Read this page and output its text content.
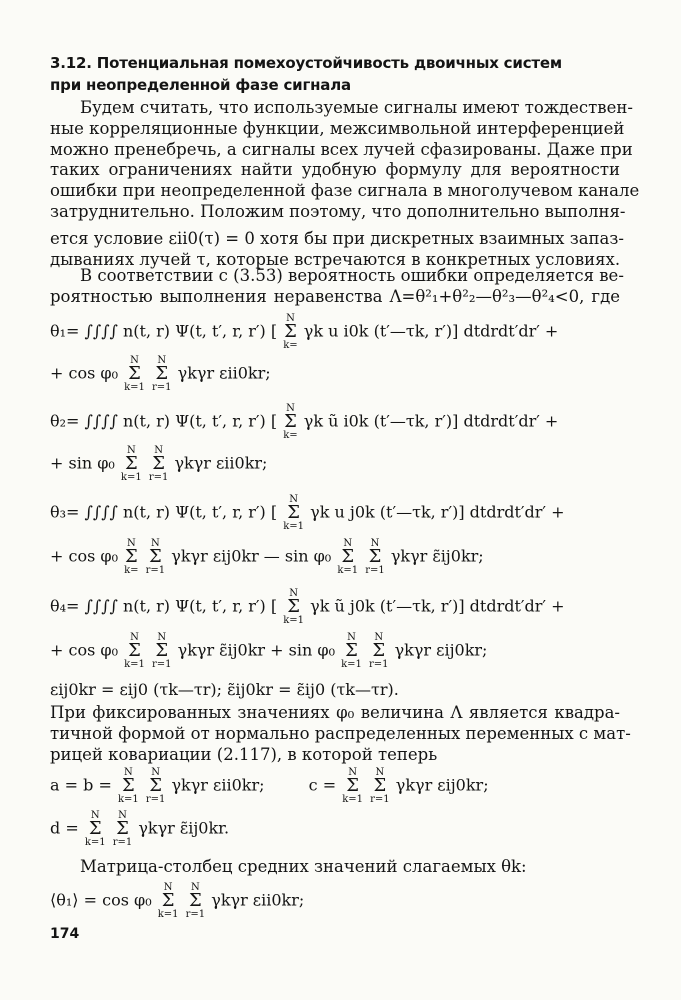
3.12. Потенциальная помехоустойчивость двоичных систем
при неопределенной фазе сигнала
Будем считать, что используемые сигналы имеют тождествен-
ные корреляционные функции, межсимвольной интерференцией
можно пренебречь, а сигналы всех лучей сфазированы. Даже при
таких ограничениях найти удобную формулу для вероятности
ошибки при неопределенной фазе сигнала в многолучевом канале
затруднительно. Положим поэтому, что дополнительно выполня-
ется условие εii0(τ) = 0 хотя бы при дискретных взаимных запаз-
дываниях лучей τ, которые встречаются в конкретных условиях.
В соответствии с (3.53) вероятность ошибки определяется ве-
роятностью выполнения неравенства Λ=θ²₁+θ²₂—θ²₃—θ²₄<0, где
θ₁= ∫∫∫∫ n(t, r) Ψ(t, t′, r, r′) [ N
Σ
k= γk u i0k (t′—τk, r′)] dtdrdt′dr′ +
+ cos φ₀ N
Σ
k=1 N
Σ
r=1 γkγr εii0kr;
θ₂= ∫∫∫∫ n(t, r) Ψ(t, t′, r, r′) [ N
Σ
k= γk ũ i0k (t′—τk, r′)] dtdrdt′dr′ +
+ sin φ₀ N
Σ
k=1 N
Σ
r=1 γkγr εii0kr;
θ₃= ∫∫∫∫ n(t, r) Ψ(t, t′, r, r′) [ N
Σ
k=1 γk u j0k (t′—τk, r′)] dtdrdt′dr′ +
+ cos φ₀ N
Σ
k= N
Σ
r=1 γkγr εij0kr — sin φ₀ N
Σ
k=1 N
Σ
r=1 γkγr ε̃ij0kr;
θ₄= ∫∫∫∫ n(t, r) Ψ(t, t′, r, r′) [ N
Σ
k=1 γk ũ j0k (t′—τk, r′)] dtdrdt′dr′ +
+ cos φ₀ N
Σ
k=1 N
Σ
r=1 γkγr ε̃ij0kr + sin φ₀ N
Σ
k=1 N
Σ
r=1 γkγr εij0kr;
εij0kr = εij0 (τk—τr); ε̃ij0kr = ε̃ij0 (τk—τr).
При фиксированных значениях φ₀ величина Λ является квадра-
тичной формой от нормально распределенных переменных с мат-
рицей ковариации (2.117), в которой теперь
a = b = N
Σ
k=1 N
Σ
r=1 γkγr εii0kr;	c = N
Σ
k=1 N
Σ
r=1 γkγr εij0kr;
d = N
Σ
k=1 N
Σ
r=1 γkγr ε̃ij0kr.
Матрица-столбец средних значений слагаемых θk:
⟨θ₁⟩ = cos φ₀ N
Σ
k=1 N
Σ
r=1 γkγr εii0kr;
174
